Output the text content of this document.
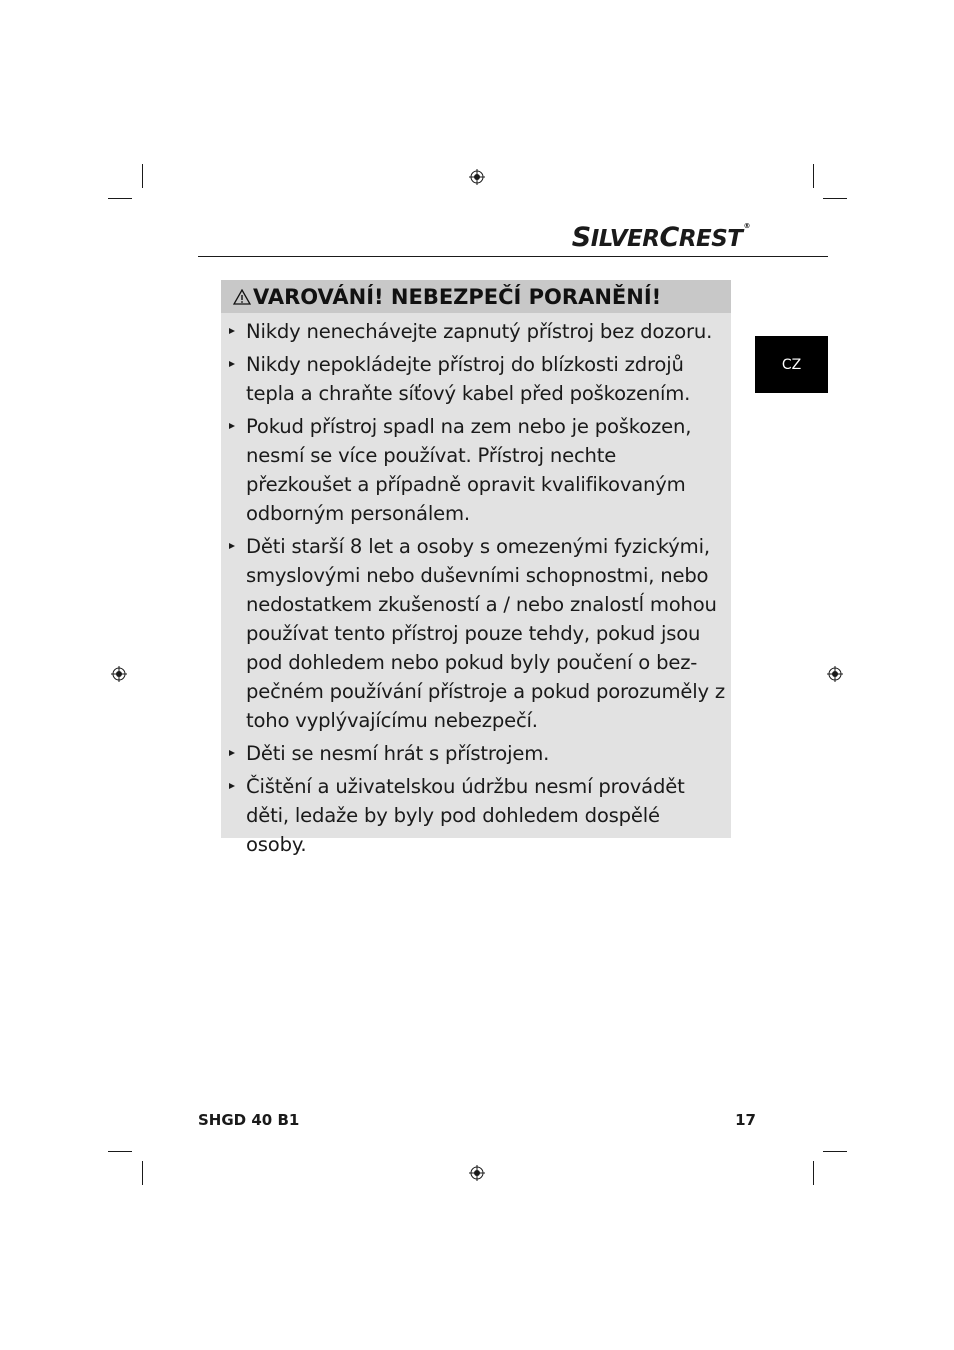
SILVERCREST®
CZ
VAROVÁNÍ! NEBEZPEČÍ PORANĚNÍ!
Nikdy nenechávejte zapnutý přístroj bez dozoru.
Nikdy nepokládejte přístroj do blízkosti zdrojů tepla a chraňte síťový kabel před poškozením.
Pokud přístroj spadl na zem nebo je poškozen, nesmí se více používat. Přístroj nechte přezkoušet a případně opravit kvalifikovaným odborným personálem.
Děti starší 8 let a osoby s omezenými fyzickými, smyslovými nebo duševními schopnostmi, nebo nedostatkem zkušeností a / nebo znalostĺ mohou používat tento přístroj pouze tehdy, pokud jsou pod dohledem nebo pokud byly poučení o bez-pečném používání přístroje a pokud porozuměly z toho vyplývajícímu nebezpečí.
Děti se nesmí hrát s přístrojem.
Čištění a uživatelskou údržbu nesmí provádět děti, ledaže by byly pod dohledem dospělé osoby.
SHGD 40 B1	17
